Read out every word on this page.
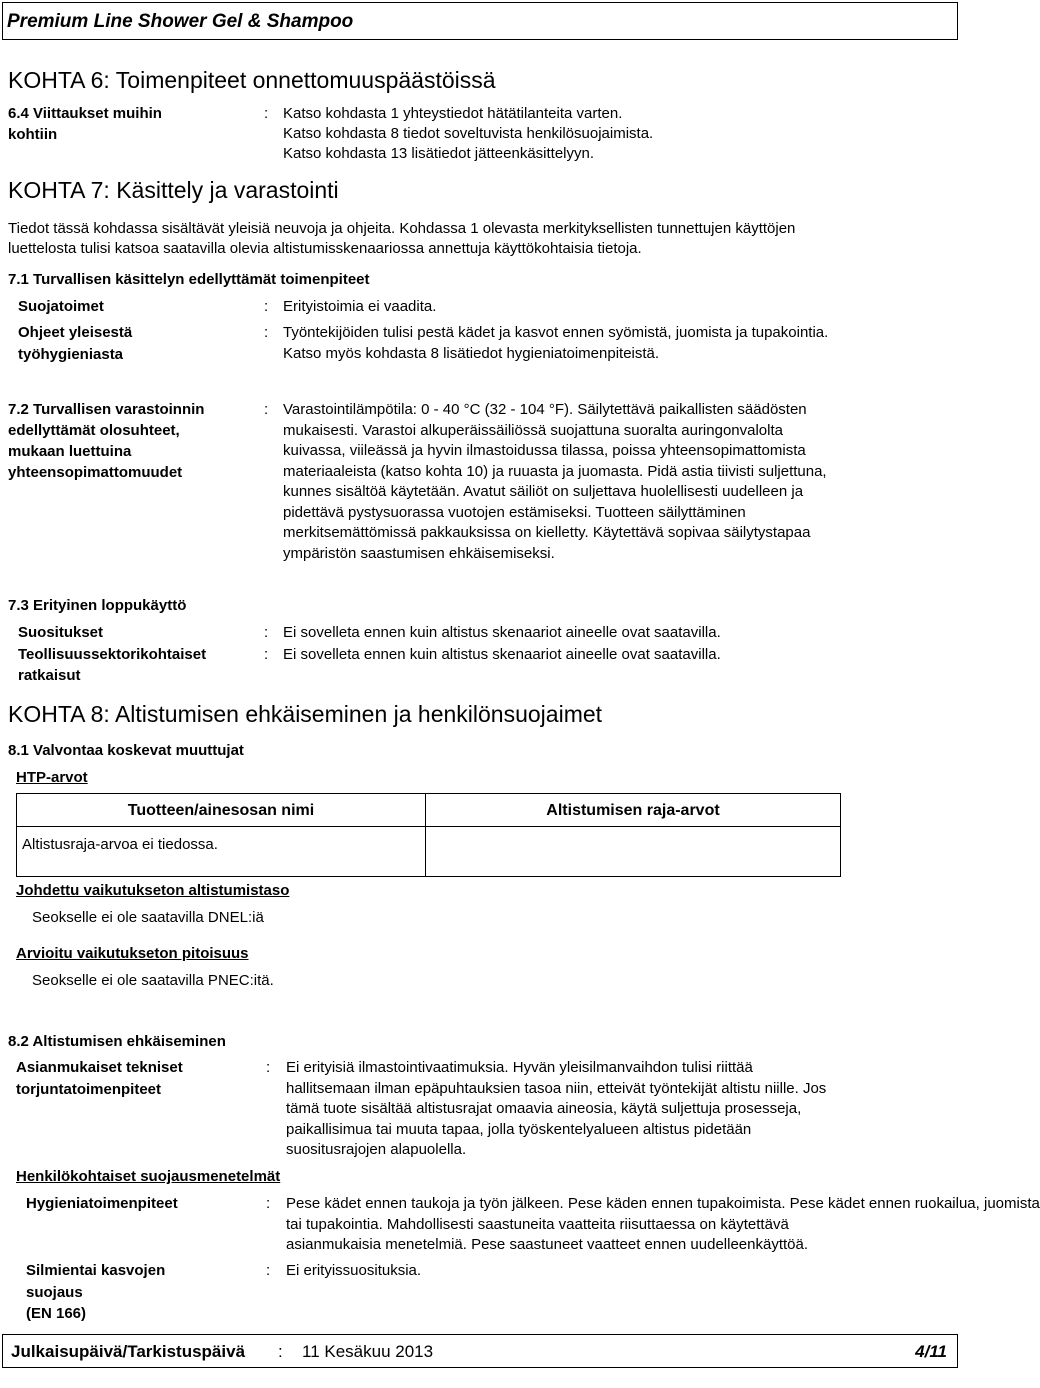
Premium Line Shower Gel & Shampoo
KOHTA 6: Toimenpiteet onnettomuuspäästöissä
6.4 Viittaukset muihin
kohtiin
: Katso kohdasta 1 yhteystiedot hätätilanteita varten.
Katso kohdasta 8 tiedot soveltuvista henkilösuojaimista.
Katso kohdasta 13 lisätiedot jätteenkäsittelyyn.
KOHTA 7: Käsittely ja varastointi
Tiedot tässä kohdassa sisältävät yleisiä neuvoja ja ohjeita. Kohdassa 1 olevasta merkityksellisten tunnettujen käyttöjen
luettelosta tulisi katsoa saatavilla olevia altistumisskenaariossa annettuja käyttökohtaisia tietoja.
7.1 Turvallisen käsittelyn edellyttämät toimenpiteet
Suojatoimet	: Erityistoimia ei vaadita.
Ohjeet yleisestä
työhygieniasta
: Työntekijöiden tulisi pestä kädet ja kasvot ennen syömistä, juomista ja tupakointia.
Katso myös kohdasta 8 lisätiedot hygieniatoimenpiteistä.
7.2 Turvallisen varastoinnin
edellyttämät olosuhteet,
mukaan luettuina
yhteensopimattomuudet
: Varastointilämpötila: 0 - 40 °C (32 - 104 °F). Säilytettävä paikallisten säädösten
mukaisesti. Varastoi alkuperäissäiliössä suojattuna suoralta auringonvalolta
kuivassa, viileässä ja hyvin ilmastoidussa tilassa, poissa yhteensopimattomista
materiaaleista (katso kohta 10) ja ruuasta ja juomasta. Pidä astia tiivisti suljettuna,
kunnes sisältöä käytetään. Avatut säiliöt on suljettava huolellisesti uudelleen ja
pidettävä pystysuorassa vuotojen estämiseksi. Tuotteen säilyttäminen
merkitsemättömissä pakkauksissa on kielletty. Käytettävä sopivaa säilytystapaa
ympäristön saastumisen ehkäisemiseksi.
7.3 Erityinen loppukäyttö
Suositukset	: Ei sovelleta ennen kuin altistus skenaariot aineelle ovat saatavilla.
Teollisuussektorikohtaiset
ratkaisut
: Ei sovelleta ennen kuin altistus skenaariot aineelle ovat saatavilla.
KOHTA 8: Altistumisen ehkäiseminen ja henkilönsuojaimet
8.1 Valvontaa koskevat muuttujat
HTP-arvot
Tuotteen/ainesosan nimi	Altistumisen raja-arvot
Altistusraja-arvoa ei tiedossa.
Johdettu vaikutukseton altistumistaso
Seokselle ei ole saatavilla DNEL:iä
Arvioitu vaikutukseton pitoisuus
Seokselle ei ole saatavilla PNEC:itä.
8.2 Altistumisen ehkäiseminen
Asianmukaiset tekniset
torjuntatoimenpiteet
: Ei erityisiä ilmastointivaatimuksia. Hyvän yleisilmanvaihdon tulisi riittää
hallitsemaan ilman epäpuhtauksien tasoa niin, etteivät työntekijät altistu niille. Jos
tämä tuote sisältää altistusrajat omaavia aineosia, käytä suljettuja prosesseja,
paikallisimua tai muuta tapaa, jolla työskentelyalueen altistus pidetään
suositusrajojen alapuolella.
Henkilökohtaiset suojausmenetelmät
Hygieniatoimenpiteet	: Pese kädet ennen taukoja ja työn jälkeen. Pese käden ennen tupakoimista. Pese kädet ennen ruokailua, juomista
tai tupakointia. Mahdollisesti saastuneita vaatteita riisuttaessa on käytettävä
asianmukaisia menetelmiä. Pese saastuneet vaatteet ennen uudelleenkäyttöä.
Silmientai kasvojen
suojaus
(EN 166)
: Ei erityissuosituksia.
Julkaisupäivä/Tarkistuspäivä : 11 Kesäkuu 2013	4/11
